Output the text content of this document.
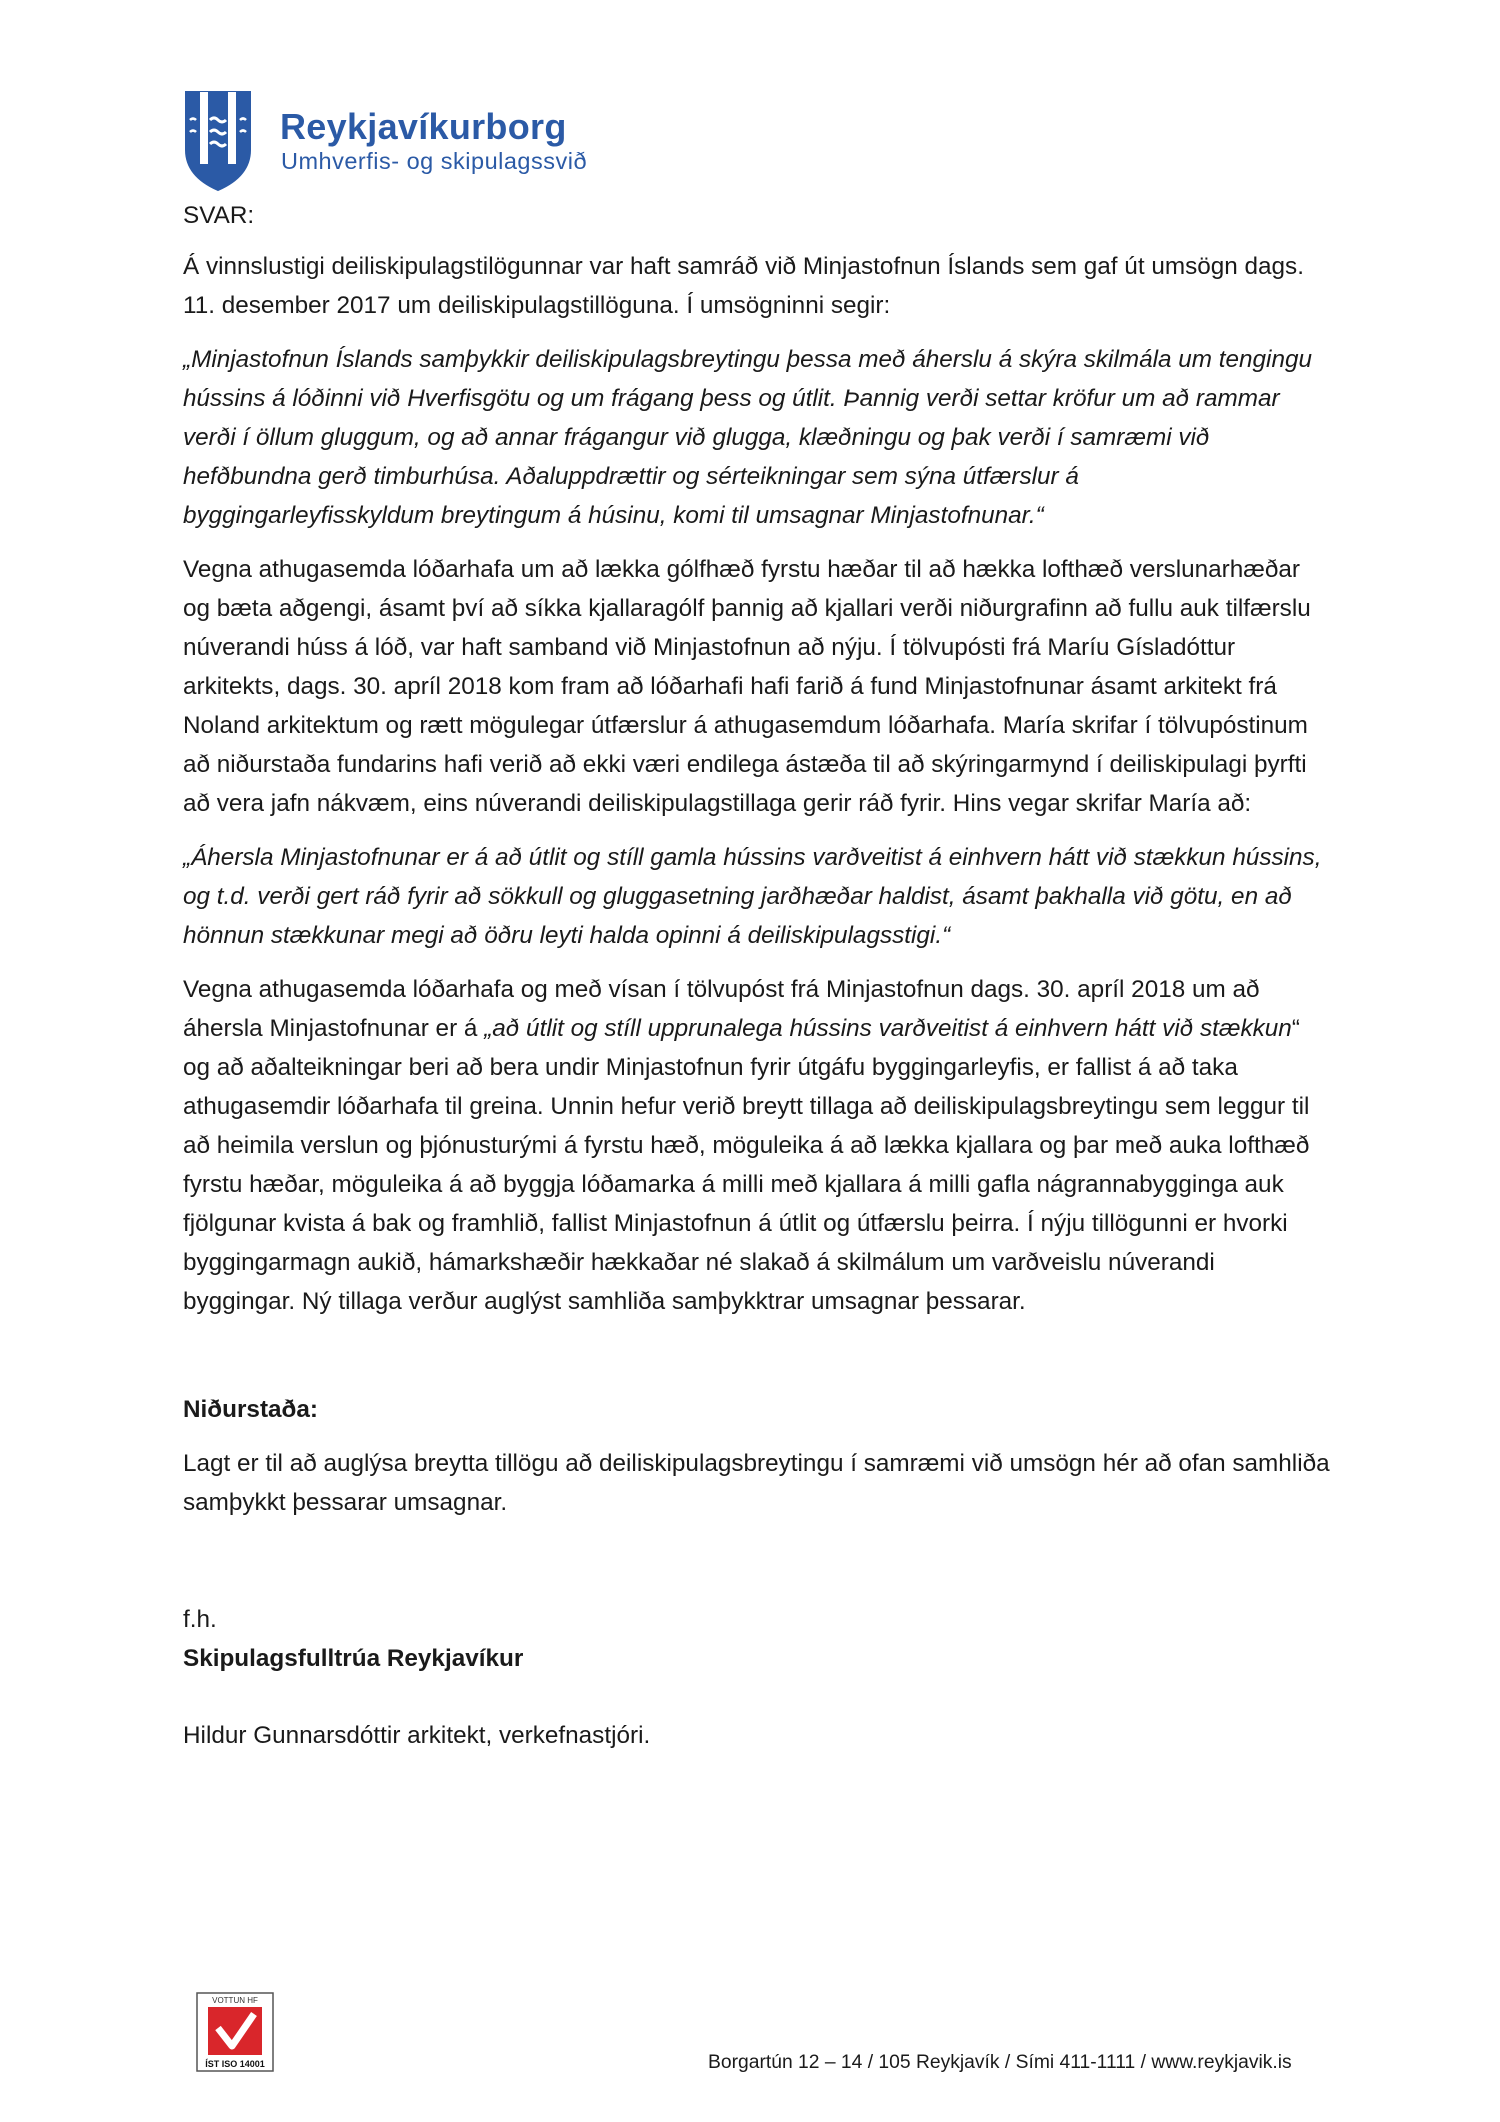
Reykjavíkurborg
Umhverfis- og skipulagssvið

SVAR:

Á vinnslustigi deiliskipulagstilögunnar var haft samráð við Minjastofnun Íslands sem gaf út umsögn dags. 11. desember 2017 um deiliskipulagstillöguna. Í umsögninni segir:

„Minjastofnun Íslands samþykkir deiliskipulagsbreytingu þessa með áherslu á skýra skilmála um tengingu hússins á lóðinni við Hverfisgötu og um frágang þess og útlit. Þannig verði settar kröfur um að rammar verði í öllum gluggum, og að annar frágangur við glugga, klæðningu og þak verði í samræmi við hefðbundna gerð timburhúsa. Aðaluppdrættir og sérteikningar sem sýna útfærslur á byggingarleyfisskyldum breytingum á húsinu, komi til umsagnar Minjastofnunar.“

Vegna athugasemda lóðarhafa um að lækka gólfhæð fyrstu hæðar til að hækka lofthæð verslunarhæðar og bæta aðgengi, ásamt því að síkka kjallaragólf þannig að kjallari verði niðurgrafinn að fullu auk tilfærslu núverandi húss á lóð, var haft samband við Minjastofnun að nýju. Í tölvupósti frá Maríu Gísladóttur arkitekts, dags. 30. apríl 2018 kom fram að lóðarhafi hafi farið á fund Minjastofnunar ásamt arkitekt frá Noland arkitektum og rætt mögulegar útfærslur á athugasemdum lóðarhafa. María skrifar í tölvupóstinum að niðurstaða fundarins hafi verið að ekki væri endilega ástæða til að skýringarmynd í deiliskipulagi þyrfti að vera jafn nákvæm, eins núverandi deiliskipulagstillaga gerir ráð fyrir. Hins vegar skrifar María að:

„Áhersla Minjastofnunar er á að útlit og stíll gamla hússins varðveitist á einhvern hátt við stækkun hússins, og t.d. verði gert ráð fyrir að sökkull og gluggasetning jarðhæðar haldist, ásamt þakhalla við götu, en að hönnun stækkunar megi að öðru leyti halda opinni á deiliskipulagsstigi.“

Vegna athugasemda lóðarhafa og með vísan í tölvupóst frá Minjastofnun dags. 30. apríl 2018 um að áhersla Minjastofnunar er á „að útlit og stíll upprunalega hússins varðveitist á einhvern hátt við stækkun“ og að aðalteikningar beri að bera undir Minjastofnun fyrir útgáfu byggingarleyfis, er fallist á að taka athugasemdir lóðarhafa til greina. Unnin hefur verið breytt tillaga að deiliskipulagsbreytingu sem leggur til að heimila verslun og þjónusturými á fyrstu hæð, möguleika á að lækka kjallara og þar með auka lofthæð fyrstu hæðar, möguleika á að byggja lóðamarka á milli með kjallara á milli gafla nágrannabygginga auk fjölgunar kvista á bak og framhlið, fallist Minjastofnun á útlit og útfærslu þeirra. Í nýju tillögunni er hvorki byggingarmagn aukið, hámarkshæðir hækkaðar né slakað á skilmálum um varðveislu núverandi byggingar. Ný tillaga verður auglýst samhliða samþykktrar umsagnar þessarar.

Niðurstaða:

Lagt er til að auglýsa breytta tillögu að deiliskipulagsbreytingu í samræmi við umsögn hér að ofan samhliða samþykkt þessarar umsagnar.

f.h.

Skipulagsfulltrúa Reykjavíkur

Hildur Gunnarsdóttir arkitekt, verkefnastjóri.

VOTTUN HF
ÍST ISO 14001	Borgartún 12 – 14 / 105 Reykjavík / Sími 411-1111 / www.reykjavik.is
